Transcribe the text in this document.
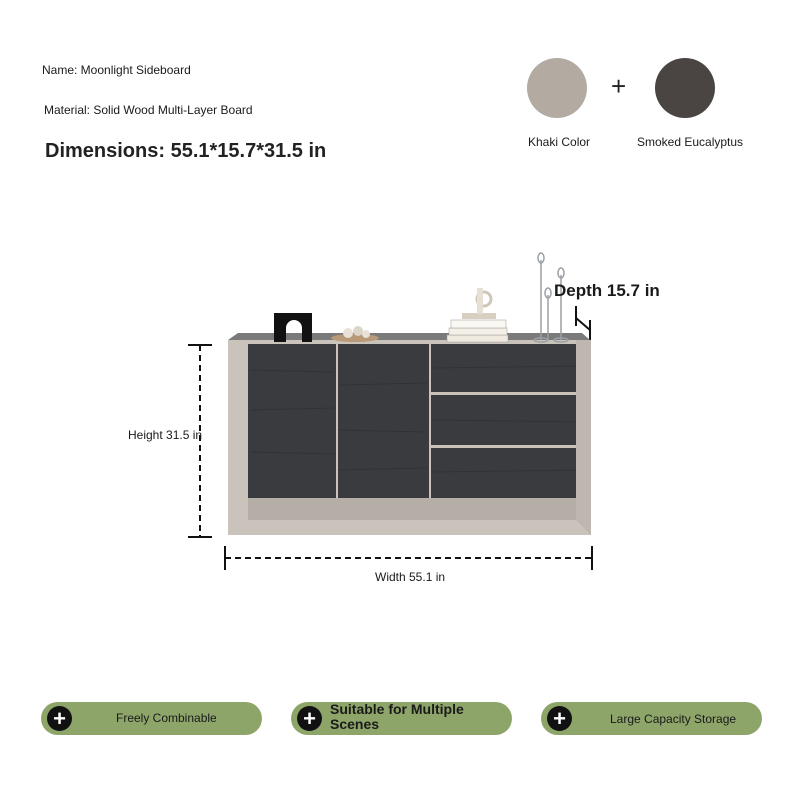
Name: Moonlight Sideboard
Material: Solid Wood Multi-Layer Board
Dimensions: 55.1*15.7*31.5 in
+
Khaki Color	Smoked Eucalyptus
Height 31.5 in
Width 55.1 in
Depth 15.7 in
+	Freely Combinable	+	Suitable for Multiple Scenes	+	Large Capacity Storage
